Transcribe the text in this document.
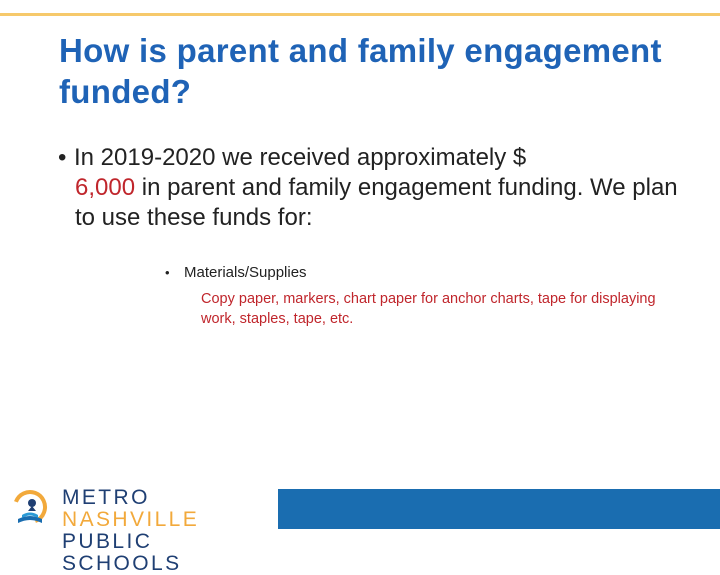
How is parent and family engagement funded?
• In 2019-2020 we received approximately $
6,000 in parent and family engagement funding. We plan to use these funds for:
• Materials/Supplies
Copy paper, markers, chart paper for anchor charts, tape for displaying work, staples, tape, etc.
METRO NASHVILLE
PUBLIC SCHOOLS
